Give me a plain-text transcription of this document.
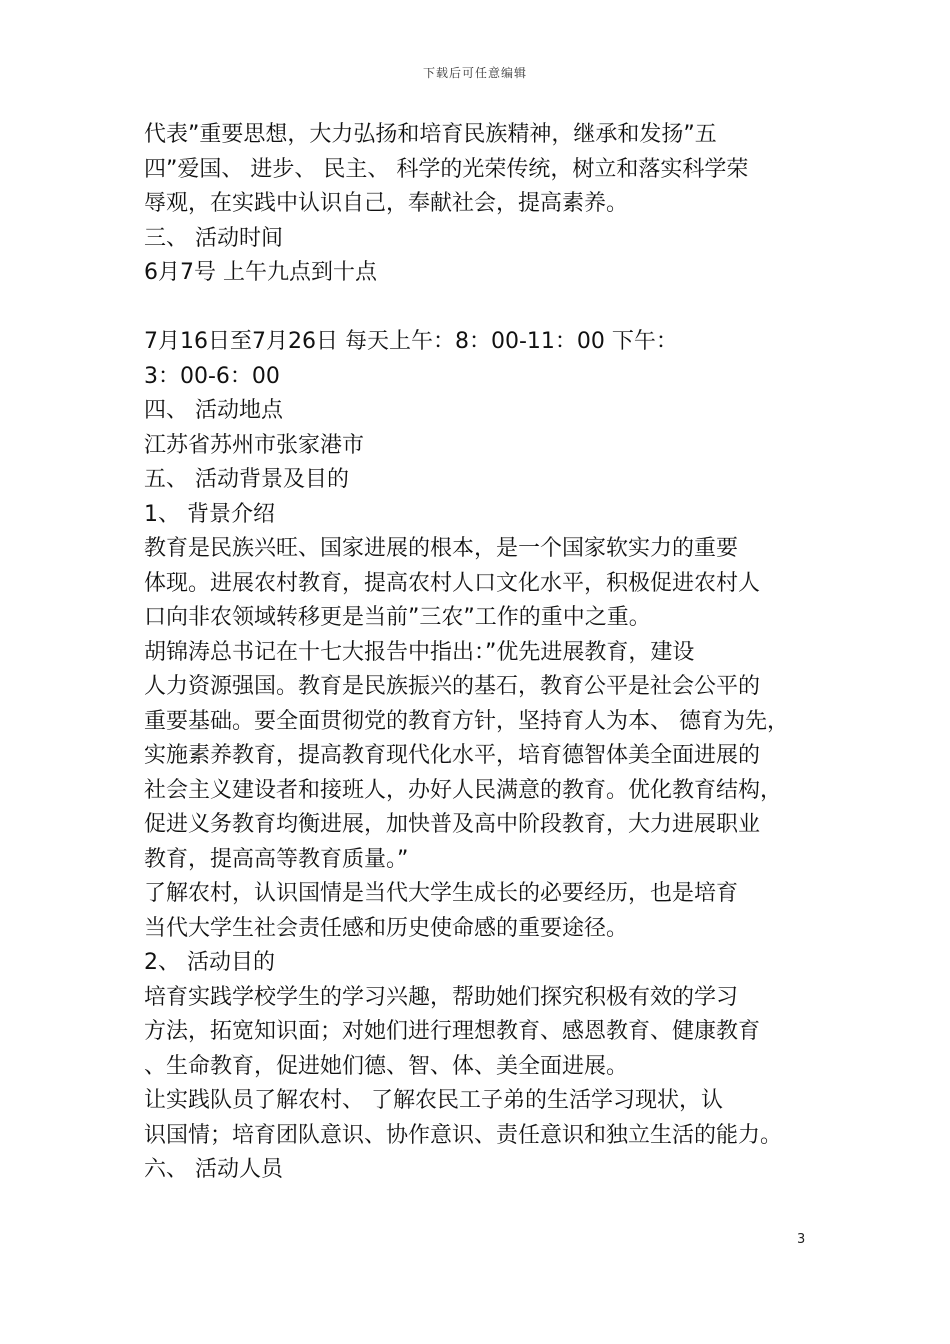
下载后可任意编辑
代表”重要思想，大力弘扬和培育民族精神，继承和发扬”五
四”爱国、 进步、 民主、 科学的光荣传统，树立和落实科学荣
辱观，在实践中认识自己，奉献社会，提高素养。
三、 活动时间
6月7号 上午九点到十点
7月16日至7月26日 每天上午：8：00-11：00 下午：
3：00-6：00
四、 活动地点
江苏省苏州市张家港市
五、 活动背景及目的
1、 背景介绍
教育是民族兴旺、国家进展的根本，是一个国家软实力的重要
体现。进展农村教育，提高农村人口文化水平，积极促进农村人
口向非农领域转移更是当前”三农”工作的重中之重。
胡锦涛总书记在十七大报告中指出：”优先进展教育，建设
人力资源强国。教育是民族振兴的基石，教育公平是社会公平的
重要基础。要全面贯彻党的教育方针，坚持育人为本、 德育为先，
实施素养教育，提高教育现代化水平，培育德智体美全面进展的
社会主义建设者和接班人，办好人民满意的教育。优化教育结构，
促进义务教育均衡进展，加快普及高中阶段教育，大力进展职业
教育，提高高等教育质量。”
了解农村，认识国情是当代大学生成长的必要经历，也是培育
当代大学生社会责任感和历史使命感的重要途径。
2、 活动目的
培育实践学校学生的学习兴趣，帮助她们探究积极有效的学习
方法，拓宽知识面；对她们进行理想教育、感恩教育、健康教育
、生命教育，促进她们德、智、体、美全面进展。
让实践队员了解农村、 了解农民工子弟的生活学习现状，认
识国情；培育团队意识、协作意识、责任意识和独立生活的能力。
六、 活动人员
3
